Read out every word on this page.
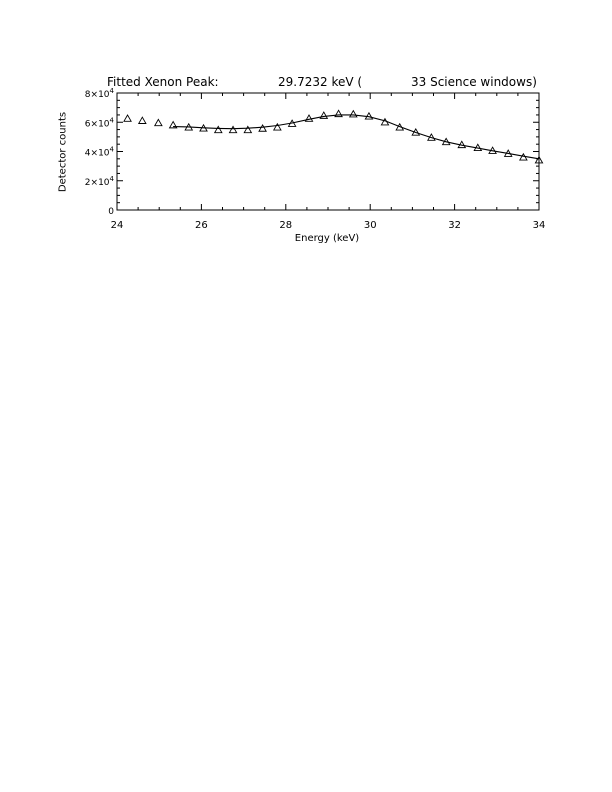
Fitted Xenon Peak:	29.7232 keV (	33 Science windows)
Detector counts
24	26	28	30	32	34
0
$2\times 10^4$
$4\times 10^4$
$6\times 10^4$
$8\times 10^4$
Energy (keV)
